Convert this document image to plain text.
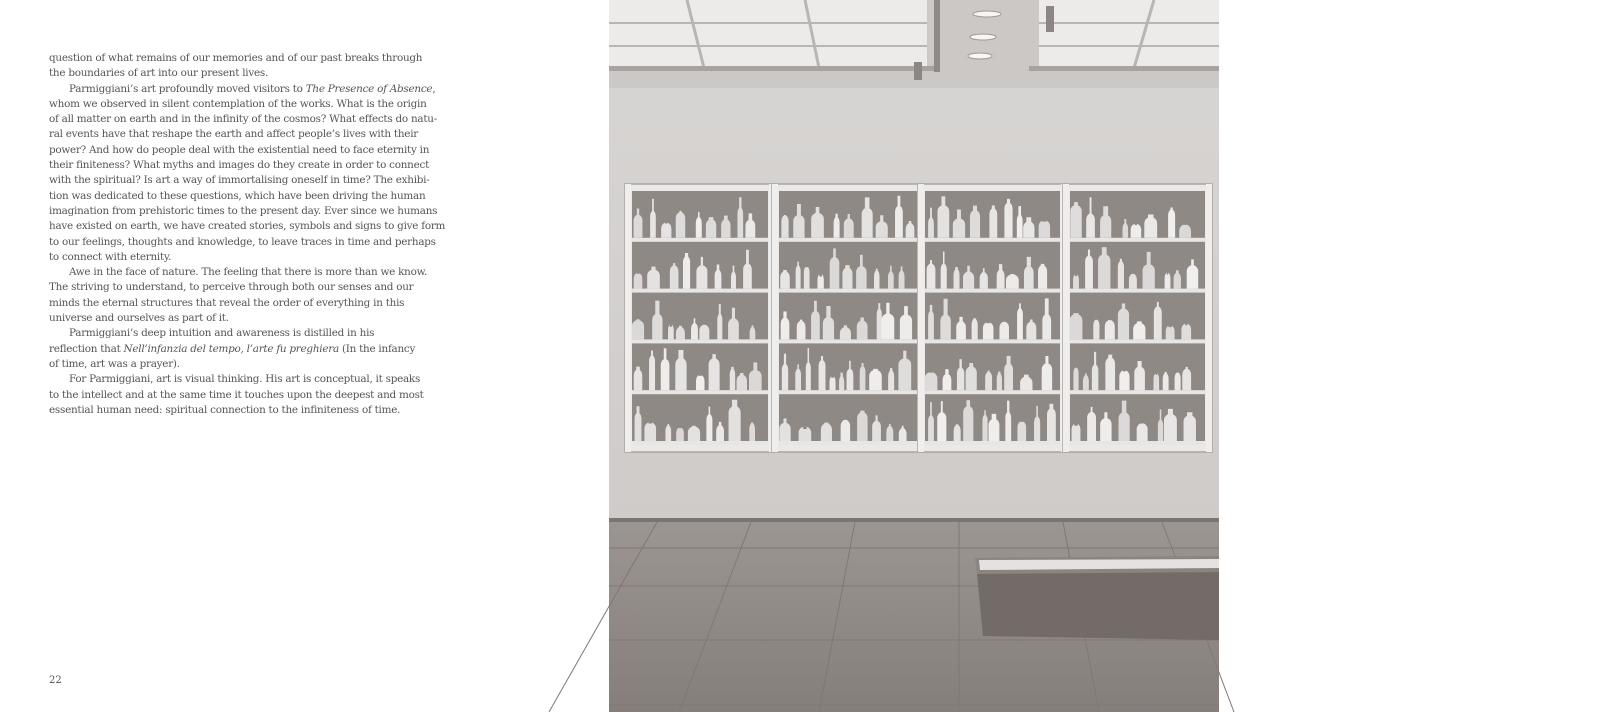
question of what remains of our memories and of our past breaks through

the boundaries of art into our present lives.

Parmiggiani’s art profoundly moved visitors to The Presence of Absence,

whom we observed in silent contemplation of the works. What is the origin

of all matter on earth and in the infinity of the cosmos? What effects do natu-

ral events have that reshape the earth and affect people’s lives with their

power? And how do people deal with the existential need to face eternity in

their finiteness? What myths and images do they create in order to connect

with the spiritual? Is art a way of immortalising oneself in time? The exhibi-

tion was dedicated to these questions, which have been driving the human

imagination from prehistoric times to the present day. Ever since we humans

have existed on earth, we have created stories, symbols and signs to give form

to our feelings, thoughts and knowledge, to leave traces in time and perhaps

to connect with eternity.

Awe in the face of nature. The feeling that there is more than we know.

The striving to understand, to perceive through both our senses and our

minds the eternal structures that reveal the order of everything in this

universe and ourselves as part of it.

Parmiggiani’s deep intuition and awareness is distilled in his

reflection that Nell’infanzia del tempo, l’arte fu preghiera (In the infancy

of time, art was a prayer).

For Parmiggiani, art is visual thinking. His art is conceptual, it speaks

to the intellect and at the same time it touches upon the deepest and most

essential human need: spiritual connection to the infiniteness of time.

22
Exhibition view, The Presence of Absence – Matter and Traces: Imprints of Life in Time
Curated by Franziska Nori, Anita Lavorano and Laura Perrone
Frankfurter Kunstverein, Frankfurt, 2024 – 2025
